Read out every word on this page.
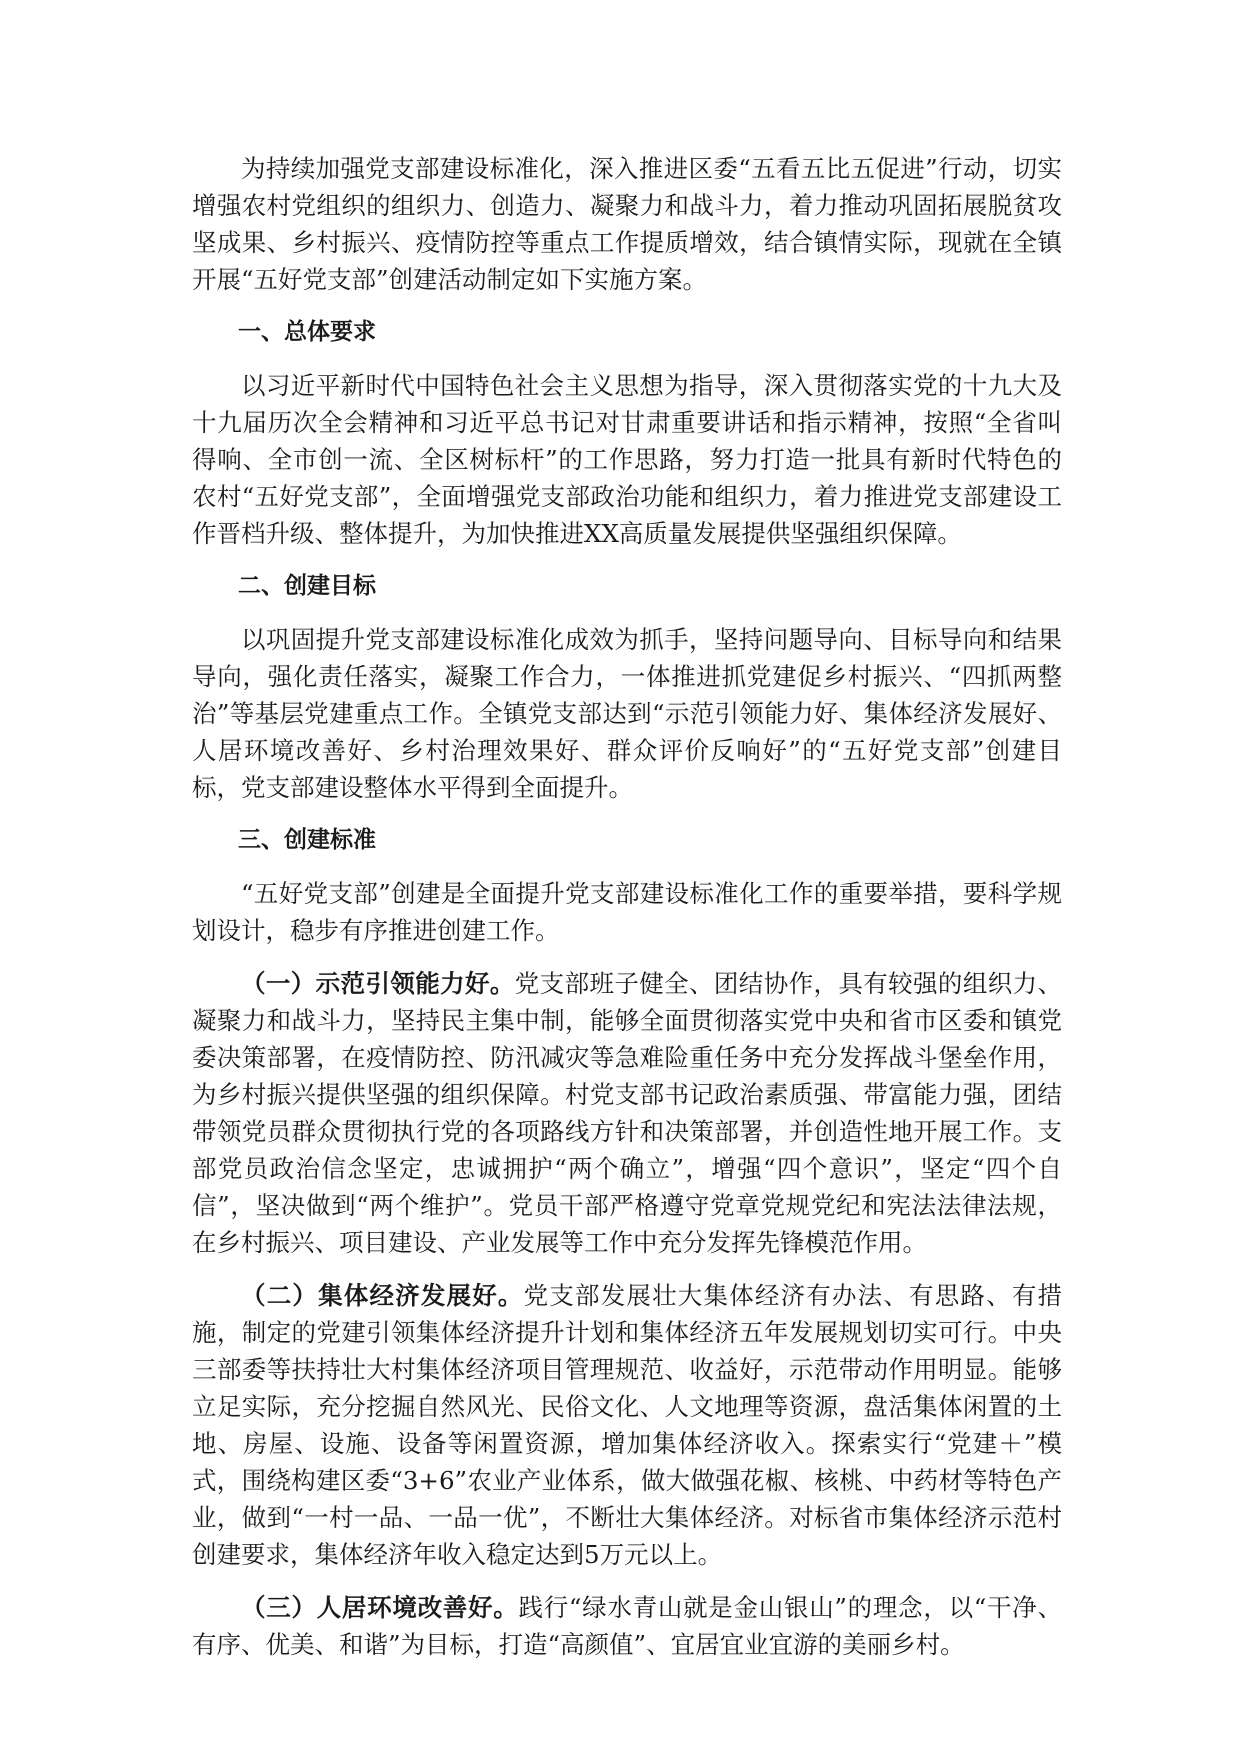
为持续加强党支部建设标准化，深入推进区委“五看五比五促进”行动，切实增强农村党组织的组织力、创造力、凝聚力和战斗力，着力推动巩固拓展脱贫攻坚成果、乡村振兴、疫情防控等重点工作提质增效，结合镇情实际，现就在全镇开展“五好党支部”创建活动制定如下实施方案。

一、总体要求

以习近平新时代中国特色社会主义思想为指导，深入贯彻落实党的十九大及十九届历次全会精神和习近平总书记对甘肃重要讲话和指示精神，按照“全省叫得响、全市创一流、全区树标杆”的工作思路，努力打造一批具有新时代特色的农村“五好党支部”，全面增强党支部政治功能和组织力，着力推进党支部建设工作晋档升级、整体提升，为加快推进XX高质量发展提供坚强组织保障。

二、创建目标

以巩固提升党支部建设标准化成效为抓手，坚持问题导向、目标导向和结果导向，强化责任落实，凝聚工作合力，一体推进抓党建促乡村振兴、“四抓两整治”等基层党建重点工作。全镇党支部达到“示范引领能力好、集体经济发展好、人居环境改善好、乡村治理效果好、群众评价反响好”的“五好党支部”创建目标，党支部建设整体水平得到全面提升。

三、创建标准

“五好党支部”创建是全面提升党支部建设标准化工作的重要举措，要科学规划设计，稳步有序推进创建工作。

（一）示范引领能力好。党支部班子健全、团结协作，具有较强的组织力、凝聚力和战斗力，坚持民主集中制，能够全面贯彻落实党中央和省市区委和镇党委决策部署，在疫情防控、防汛减灾等急难险重任务中充分发挥战斗堡垒作用，为乡村振兴提供坚强的组织保障。村党支部书记政治素质强、带富能力强，团结带领党员群众贯彻执行党的各项路线方针和决策部署，并创造性地开展工作。支部党员政治信念坚定，忠诚拥护“两个确立”，增强“四个意识”，坚定“四个自信”，坚决做到“两个维护”。党员干部严格遵守党章党规党纪和宪法法律法规，在乡村振兴、项目建设、产业发展等工作中充分发挥先锋模范作用。

（二）集体经济发展好。党支部发展壮大集体经济有办法、有思路、有措施，制定的党建引领集体经济提升计划和集体经济五年发展规划切实可行。中央三部委等扶持壮大村集体经济项目管理规范、收益好，示范带动作用明显。能够立足实际，充分挖掘自然风光、民俗文化、人文地理等资源，盘活集体闲置的土地、房屋、设施、设备等闲置资源，增加集体经济收入。探索实行“党建＋”模式，围绕构建区委“3+6”农业产业体系，做大做强花椒、核桃、中药材等特色产业，做到“一村一品、一品一优”，不断壮大集体经济。对标省市集体经济示范村创建要求，集体经济年收入稳定达到5万元以上。

（三）人居环境改善好。践行“绿水青山就是金山银山”的理念，以“干净、有序、优美、和谐”为目标，打造“高颜值”、宜居宜业宜游的美丽乡村。
